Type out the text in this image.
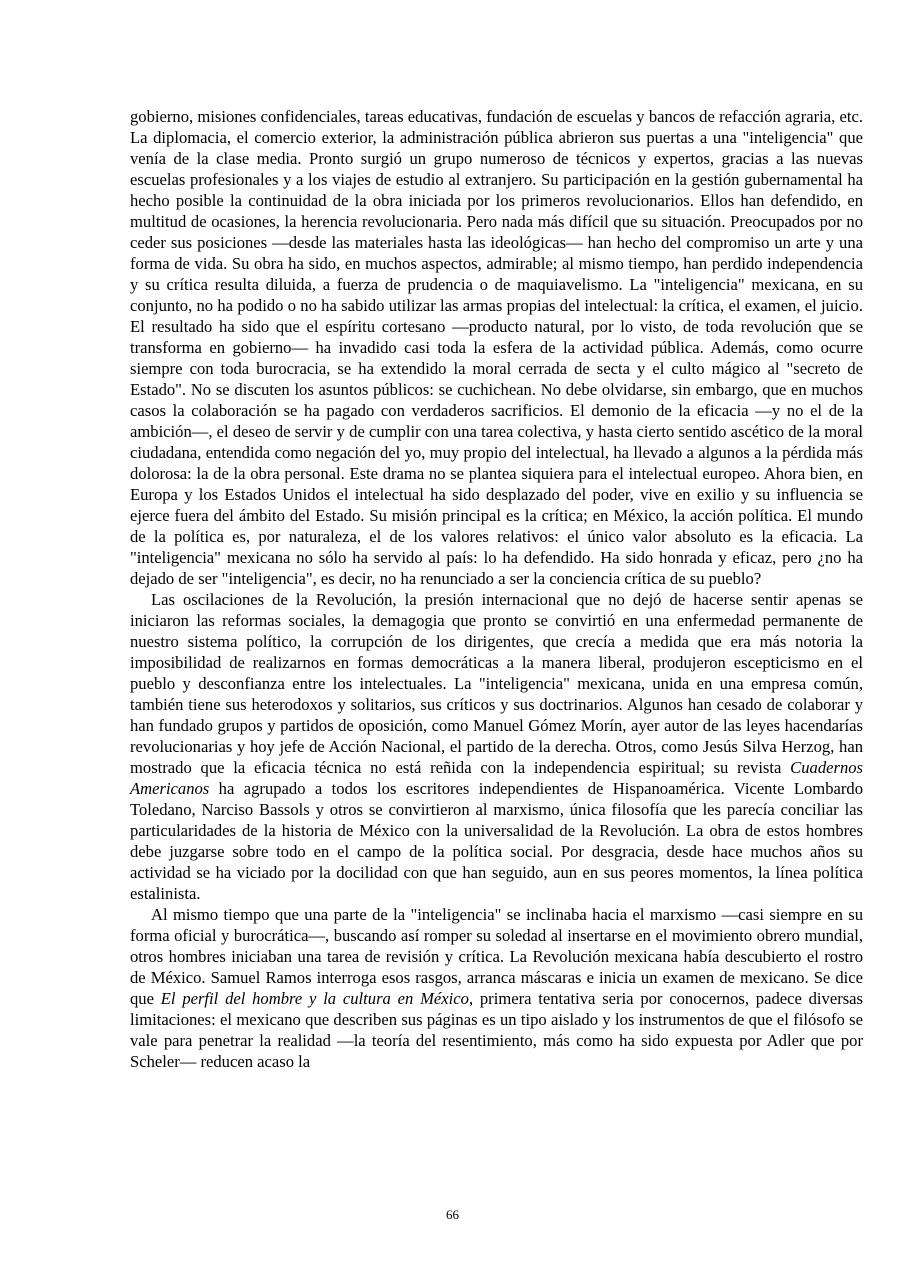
gobierno, misiones confidenciales, tareas educativas, fundación de escuelas y bancos de refacción agraria, etc. La diplomacia, el comercio exterior, la administración pública abrieron sus puertas a una "inteligencia" que venía de la clase media. Pronto surgió un grupo numeroso de técnicos y expertos, gracias a las nuevas escuelas profesionales y a los viajes de estudio al extranjero. Su participación en la gestión gubernamental ha hecho posible la continuidad de la obra iniciada por los primeros revolucionarios. Ellos han defendido, en multitud de ocasiones, la herencia revolucionaria. Pero nada más difícil que su situación. Preocupados por no ceder sus posiciones —desde las materiales hasta las ideológicas— han hecho del compromiso un arte y una forma de vida. Su obra ha sido, en muchos aspectos, admirable; al mismo tiempo, han perdido independencia y su crítica resulta diluida, a fuerza de prudencia o de maquiavelismo. La "inteligencia" mexicana, en su conjunto, no ha podido o no ha sabido utilizar las armas propias del intelectual: la crítica, el examen, el juicio. El resultado ha sido que el espíritu cortesano —producto natural, por lo visto, de toda revolución que se transforma en gobierno— ha invadido casi toda la esfera de la actividad pública. Además, como ocurre siempre con toda burocracia, se ha extendido la moral cerrada de secta y el culto mágico al "secreto de Estado". No se discuten los asuntos públicos: se cuchichean. No debe olvidarse, sin embargo, que en muchos casos la colaboración se ha pagado con verdaderos sacrificios. El demonio de la eficacia —y no el de la ambición—, el deseo de servir y de cumplir con una tarea colectiva, y hasta cierto sentido ascético de la moral ciudadana, entendida como negación del yo, muy propio del intelectual, ha llevado a algunos a la pérdida más dolorosa: la de la obra personal. Este drama no se plantea siquiera para el intelectual europeo. Ahora bien, en Europa y los Estados Unidos el intelectual ha sido desplazado del poder, vive en exilio y su influencia se ejerce fuera del ámbito del Estado. Su misión principal es la crítica; en México, la acción política. El mundo de la política es, por naturaleza, el de los valores relativos: el único valor absoluto es la eficacia. La "inteligencia" mexicana no sólo ha servido al país: lo ha defendido. Ha sido honrada y eficaz, pero ¿no ha dejado de ser "inteligencia", es decir, no ha renunciado a ser la conciencia crítica de su pueblo?

Las oscilaciones de la Revolución, la presión internacional que no dejó de hacerse sentir apenas se iniciaron las reformas sociales, la demagogia que pronto se convirtió en una enfermedad permanente de nuestro sistema político, la corrupción de los dirigentes, que crecía a medida que era más notoria la imposibilidad de realizarnos en formas democráticas a la manera liberal, produjeron escepticismo en el pueblo y desconfianza entre los intelectuales. La "inteligencia" mexicana, unida en una empresa común, también tiene sus heterodoxos y solitarios, sus críticos y sus doctrinarios. Algunos han cesado de colaborar y han fundado grupos y partidos de oposición, como Manuel Gómez Morín, ayer autor de las leyes hacendarías revolucionarias y hoy jefe de Acción Nacional, el partido de la derecha. Otros, como Jesús Silva Herzog, han mostrado que la eficacia técnica no está reñida con la independencia espiritual; su revista Cuadernos Americanos ha agrupado a todos los escritores independientes de Hispanoamérica. Vicente Lombardo Toledano, Narciso Bassols y otros se convirtieron al marxismo, única filosofía que les parecía conciliar las particularidades de la historia de México con la universalidad de la Revolución. La obra de estos hombres debe juzgarse sobre todo en el campo de la política social. Por desgracia, desde hace muchos años su actividad se ha viciado por la docilidad con que han seguido, aun en sus peores momentos, la línea política estalinista.

Al mismo tiempo que una parte de la "inteligencia" se inclinaba hacia el marxismo —casi siempre en su forma oficial y burocrática—, buscando así romper su soledad al insertarse en el movimiento obrero mundial, otros hombres iniciaban una tarea de revisión y crítica. La Revolución mexicana había descubierto el rostro de México. Samuel Ramos interroga esos rasgos, arranca máscaras e inicia un examen de mexicano. Se dice que El perfil del hombre y la cultura en México, primera tentativa seria por conocernos, padece diversas limitaciones: el mexicano que describen sus páginas es un tipo aislado y los instrumentos de que el filósofo se vale para penetrar la realidad —la teoría del resentimiento, más como ha sido expuesta por Adler que por Scheler— reducen acaso la

66
